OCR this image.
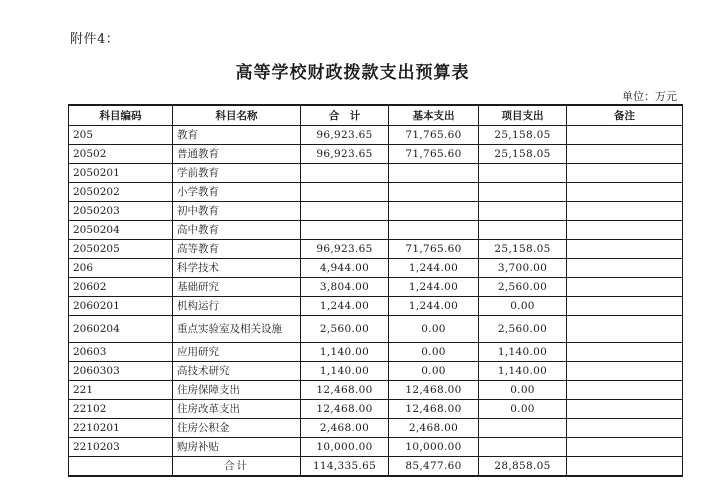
附件4：
高等学校财政拨款支出预算表
单位：万元
科目编码	科目名称	合　计	基本支出	项目支出	备注
205	教育	96,923.65	71,765.60	25,158.05	
20502	普通教育	96,923.65	71,765.60	25,158.05	
2050201	学前教育				
2050202	小学教育				
2050203	初中教育				
2050204	高中教育				
2050205	高等教育	96,923.65	71,765.60	25,158.05	
206	科学技术	4,944.00	1,244.00	3,700.00	
20602	基础研究	3,804.00	1,244.00	2,560.00	
2060201	机构运行	1,244.00	1,244.00	0.00	
2060204	重点实验室及相关设施	2,560.00	0.00	2,560.00	
20603	应用研究	1,140.00	0.00	1,140.00	
2060303	高技术研究	1,140.00	0.00	1,140.00	
221	住房保障支出	12,468.00	12,468.00	0.00	
22102	住房改革支出	12,468.00	12,468.00	0.00	
2210201	住房公积金	2,468.00	2,468.00		
2210203	购房补贴	10,000.00	10,000.00		
	合计	114,335.65	85,477.60	28,858.05	
